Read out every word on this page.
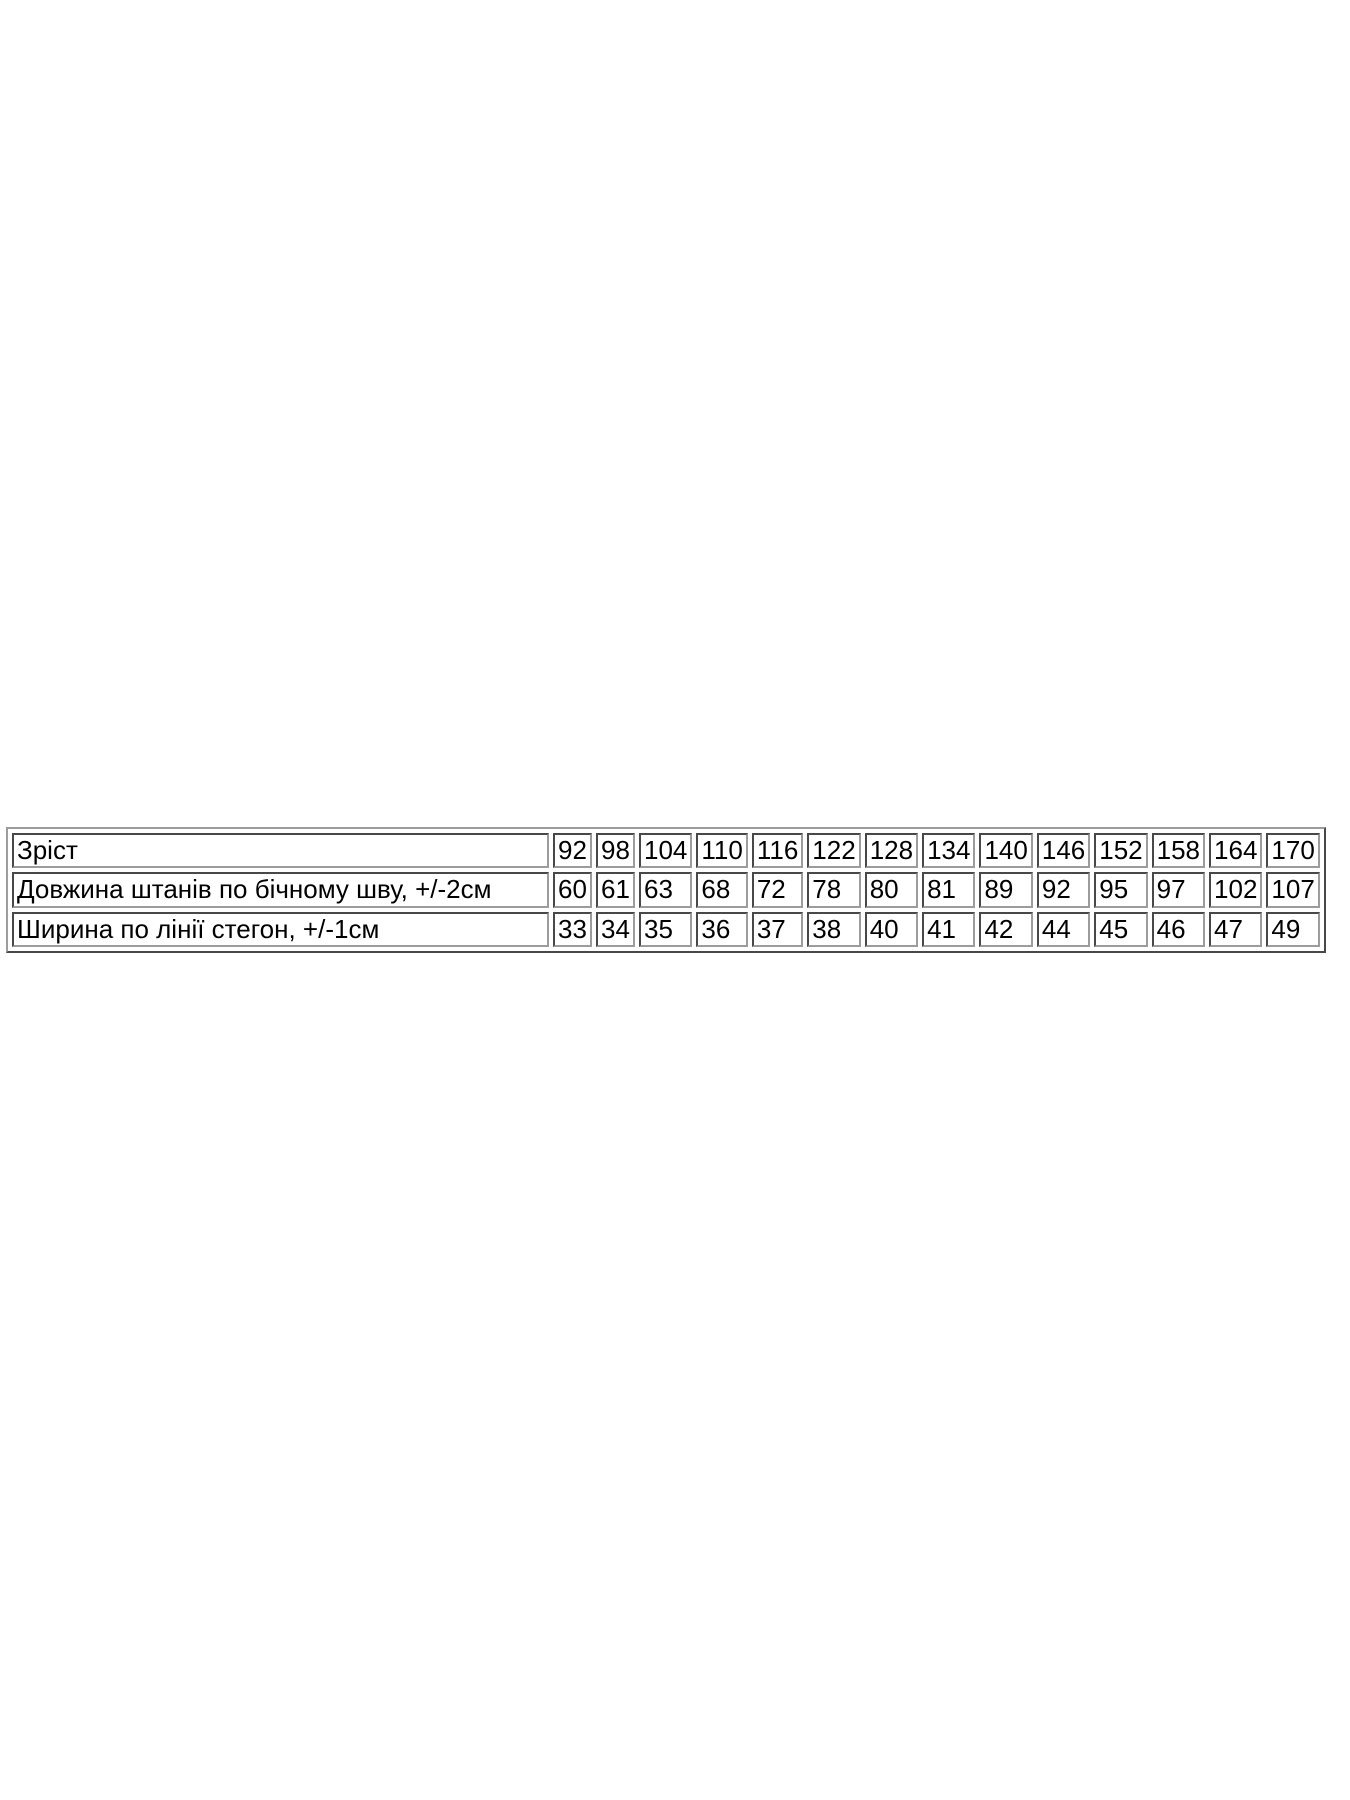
Зріст	92	98	104	110	116	122	128	134	140	146	152	158	164	170
Довжина штанів по бічному шву, +/-2см	60	61	63	68	72	78	80	81	89	92	95	97	102	107
Ширина по лінії стегон, +/-1см	33	34	35	36	37	38	40	41	42	44	45	46	47	49
